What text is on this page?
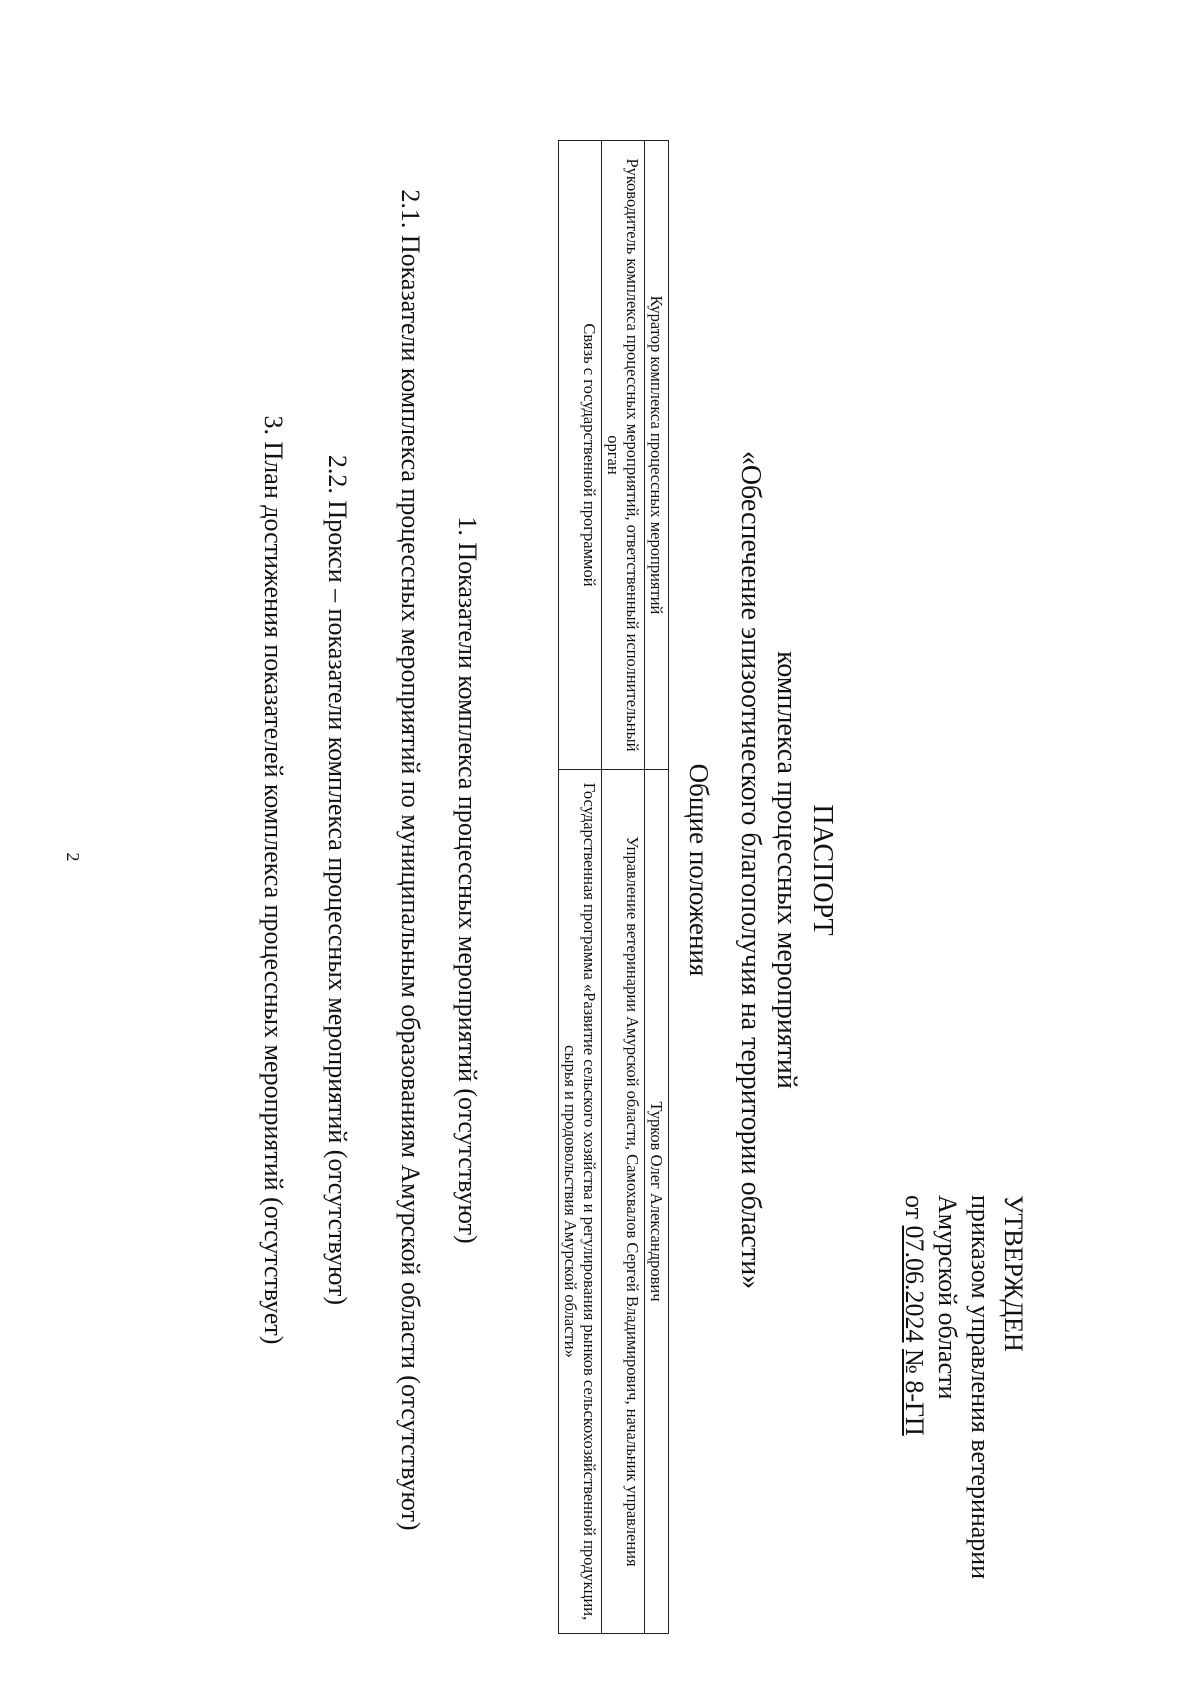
2
УТВЕРЖДЕН
приказом управления ветеринарии
Амурской области
от 07.06.2024 № 8-ГП
ПАСПОРТ
комплекса процессных мероприятий
«Обеспечение эпизоотического благополучия на территории области»
Общие положения
Куратор комплекса процессных мероприятий	Турков Олег Александрович
Руководитель комплекса процессных мероприятий, ответственный исполнительный орган	Управление ветеринарии Амурской области, Самохвалов Сергей Владимирович, начальник управления
Связь с государственной программой	Государственная программа «Развитие сельского хозяйства и регулирования рынков сельскохозяйственной продукции, сырья и продовольствия Амурской области»
1. Показатели комплекса процессных мероприятий (отсутствуют)
2.1. Показатели комплекса процессных мероприятий по муниципальным образованиям Амурской области (отсутствуют)
2.2. Прокси – показатели комплекса процессных мероприятий (отсутствуют)
3. План достижения показателей комплекса процессных мероприятий (отсутствует)
